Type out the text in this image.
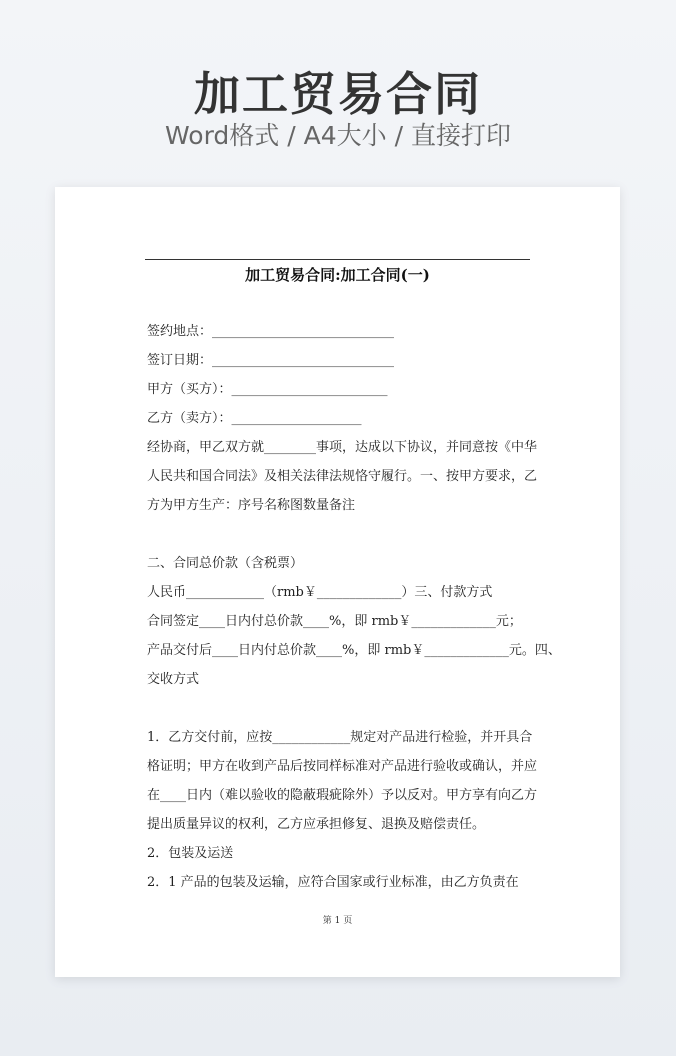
加工贸易合同
Word格式 / A4大小 / 直接打印
加工贸易合同:加工合同(一)
签约地点：____________________________
签订日期：____________________________
甲方（买方）：________________________
乙方（卖方）：____________________
经协商，甲乙双方就________事项，达成以下协议，并同意按《中华
人民共和国合同法》及相关法律法规恪守履行。一、按甲方要求，乙
方为甲方生产：序号名称图数量备注
二、合同总价款（含税票）
人民币____________（rmb￥_____________）三、付款方式
合同签定____日内付总价款____%，即 rmb￥_____________元；
产品交付后____日内付总价款____%，即 rmb￥_____________元。四、
交收方式
1．乙方交付前，应按____________规定对产品进行检验，并开具合
格证明；甲方在收到产品后按同样标准对产品进行验收或确认，并应
在____日内（难以验收的隐蔽瑕疵除外）予以反对。甲方享有向乙方
提出质量异议的权利，乙方应承担修复、退换及赔偿责任。
2．包装及运送
2．1 产品的包装及运输，应符合国家或行业标准，由乙方负责在
第 1 页
